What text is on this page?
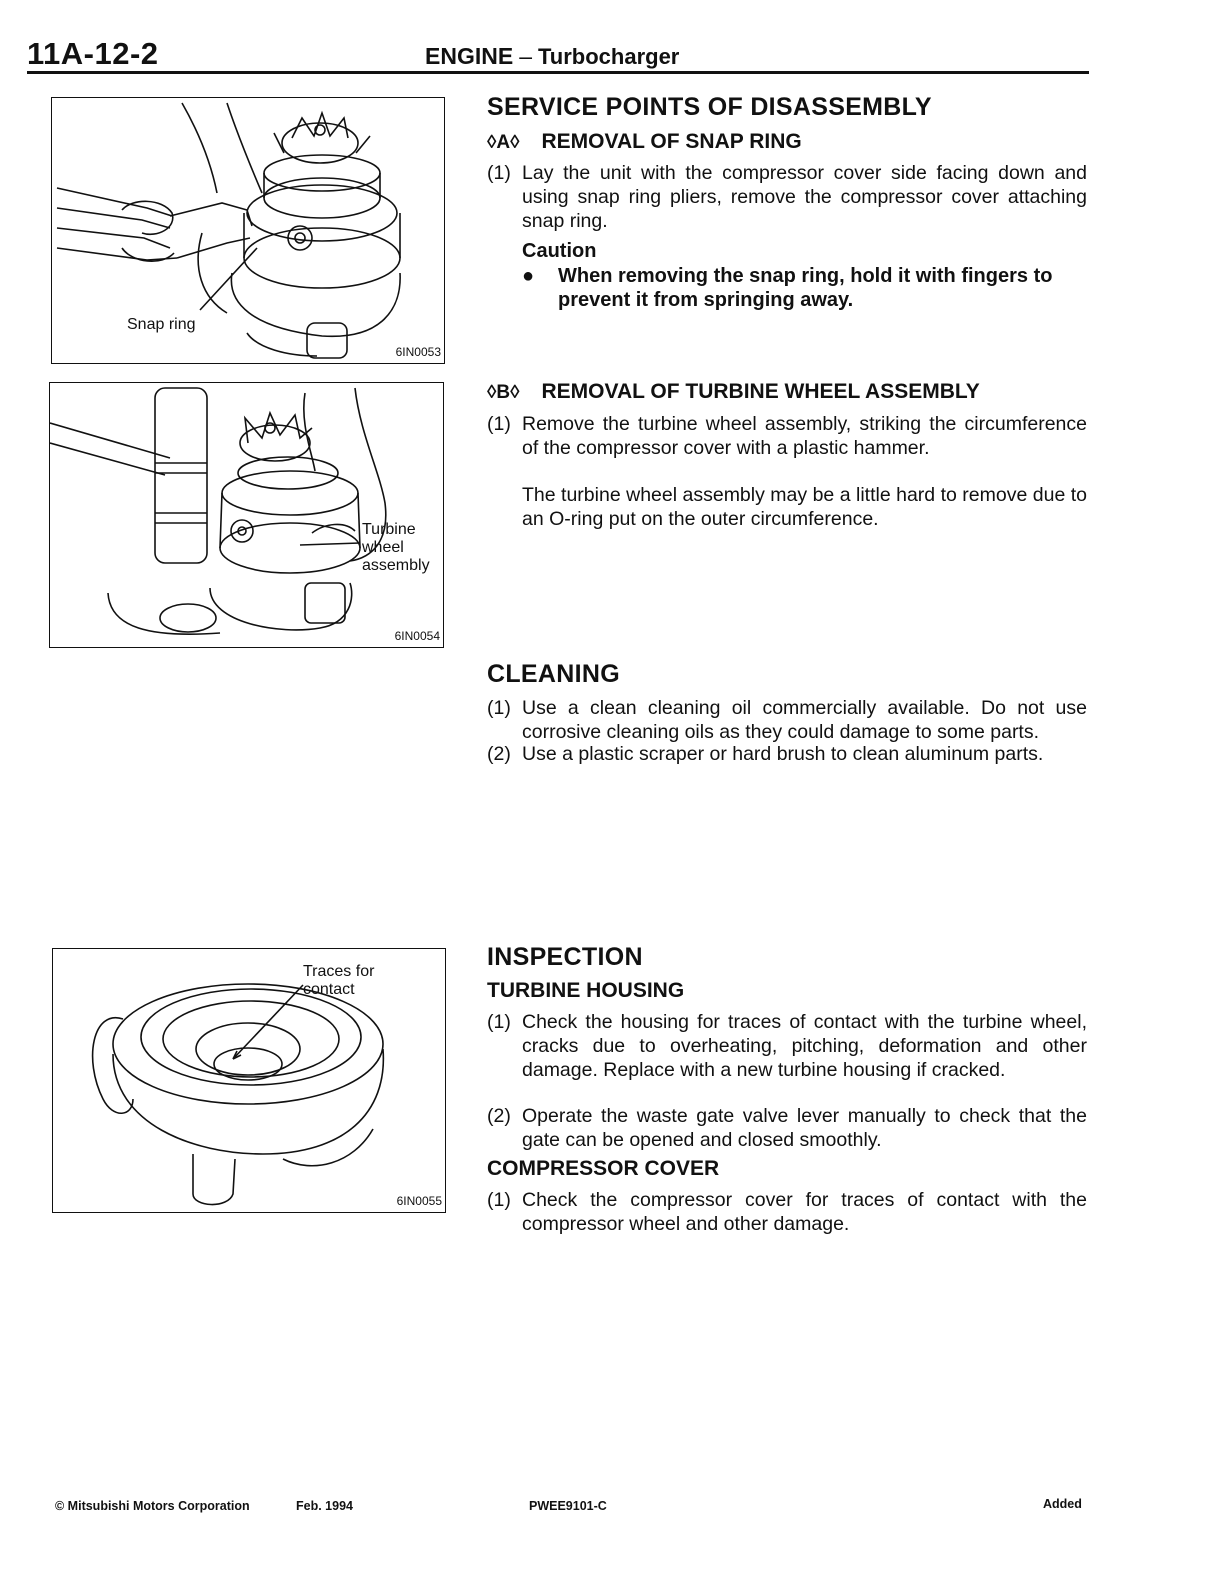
11A-12-2	ENGINE – Turbocharger
Snap ring
6IN0053
Turbine
wheel
assembly
6IN0054
Traces for
contact
6IN0055
SERVICE POINTS OF DISASSEMBLY
◊A◊ REMOVAL OF SNAP RING
(1) Lay the unit with the compressor cover side facing down and using snap ring pliers, remove the compressor cover attaching snap ring.
Caution
●	When removing the snap ring, hold it with fingers to prevent it from springing away.
◊B◊ REMOVAL OF TURBINE WHEEL ASSEMBLY
(1) Remove the turbine wheel assembly, striking the circumference of the compressor cover with a plastic hammer.
The turbine wheel assembly may be a little hard to remove due to an O-ring put on the outer circumference.
CLEANING
(1) Use a clean cleaning oil commercially available. Do not use corrosive cleaning oils as they could damage to some parts.
(2) Use a plastic scraper or hard brush to clean aluminum parts.
INSPECTION
TURBINE HOUSING
(1) Check the housing for traces of contact with the turbine wheel, cracks due to overheating, pitching, deformation and other damage. Replace with a new turbine housing if cracked.
(2) Operate the waste gate valve lever manually to check that the gate can be opened and closed smoothly.
COMPRESSOR COVER
(1) Check the compressor cover for traces of contact with the compressor wheel and other damage.
© Mitsubishi Motors Corporation	Feb. 1994	PWEE9101-C	Added
